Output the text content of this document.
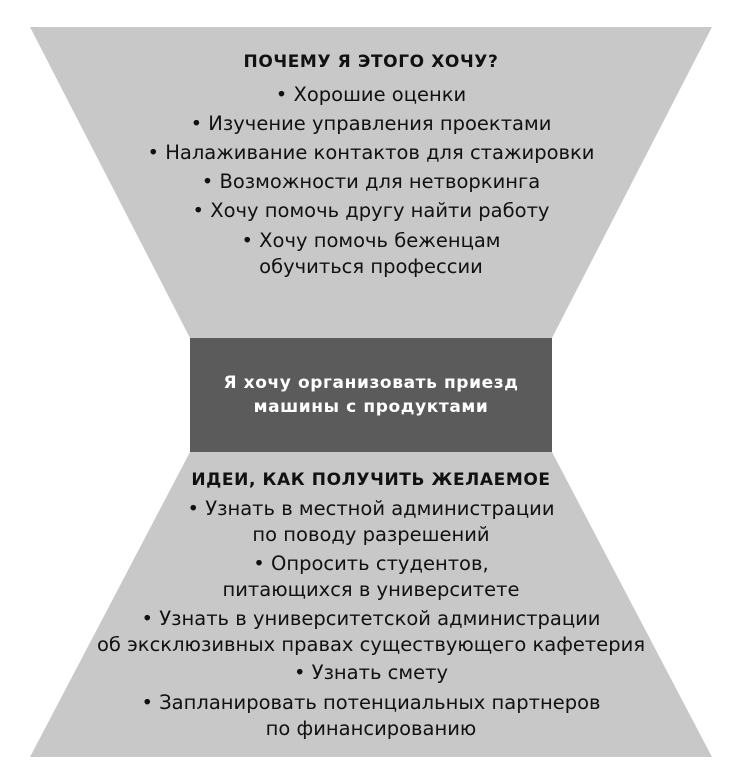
ПОЧЕМУ Я ЭТОГО ХОЧУ?
• Хорошие оценки
• Изучение управления проектами
• Налаживание контактов для стажировки
• Возможности для нетворкинга
• Хочу помочь другу найти работу
• Хочу помочь беженцам
обучиться профессии
Я хочу организовать приезд
машины с продуктами
ИДЕИ, КАК ПОЛУЧИТЬ ЖЕЛАЕМОЕ
• Узнать в местной администрации
по поводу разрешений
• Опросить студентов,
питающихся в университете
• Узнать в университетской администрации
об эксклюзивных правах существующего кафетерия
• Узнать смету
• Запланировать потенциальных партнеров
по финансированию
